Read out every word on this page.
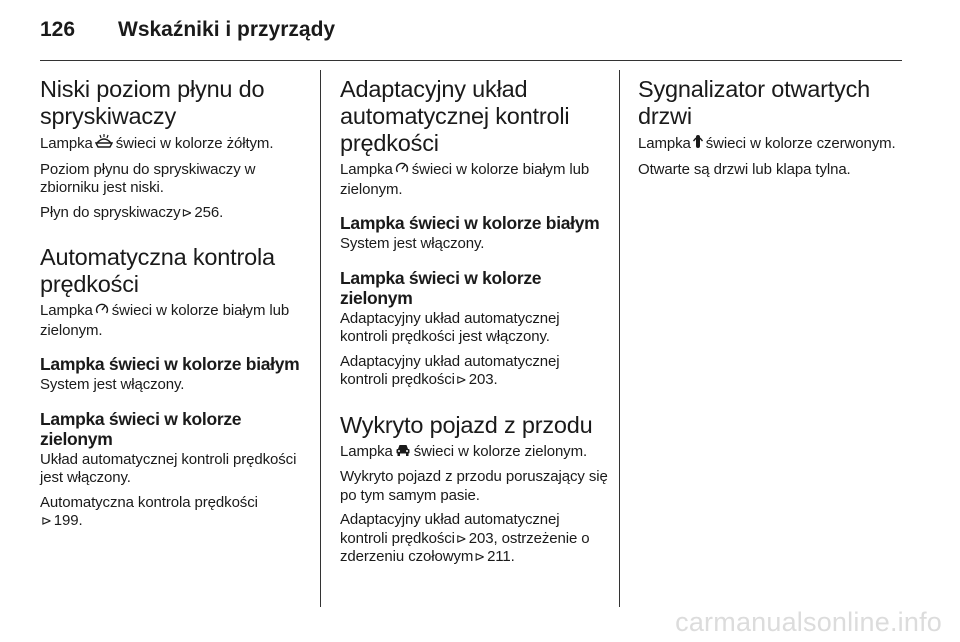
126 Wskaźniki i przyrządy
Niski poziom płynu do spryskiwaczy

Lampka świeci w kolorze żółtym.

Poziom płynu do spryskiwaczy w zbiorniku jest niski.

Płyn do spryskiwaczy⊳ 256.

Automatyczna kontrola prędkości

Lampka świeci w kolorze białym lub zielonym.

Lampka świeci w kolorze białym

System jest włączony.

Lampka świeci w kolorze zielonym

Układ automatycznej kontroli prędkości jest włączony.

Automatyczna kontrola prędkości
⊳ 199.

Adaptacyjny układ automatycznej kontroli prędkości

Lampka świeci w kolorze białym lub zielonym.

Lampka świeci w kolorze białym

System jest włączony.

Lampka świeci w kolorze zielonym

Adaptacyjny układ automatycznej kontroli prędkości jest włączony.

Adaptacyjny układ automatycznej kontroli prędkości⊳ 203.

Wykryto pojazd z przodu

Lampka świeci w kolorze zielonym.

Wykryto pojazd z przodu poruszający się po tym samym pasie.

Adaptacyjny układ automatycznej kontroli prędkości⊳ 203, ostrzeżenie o zderzeniu czołowym⊳ 211.

Sygnalizator otwartych drzwi

Lampka świeci w kolorze czerwonym.

Otwarte są drzwi lub klapa tylna.

carmanualsonline.info
